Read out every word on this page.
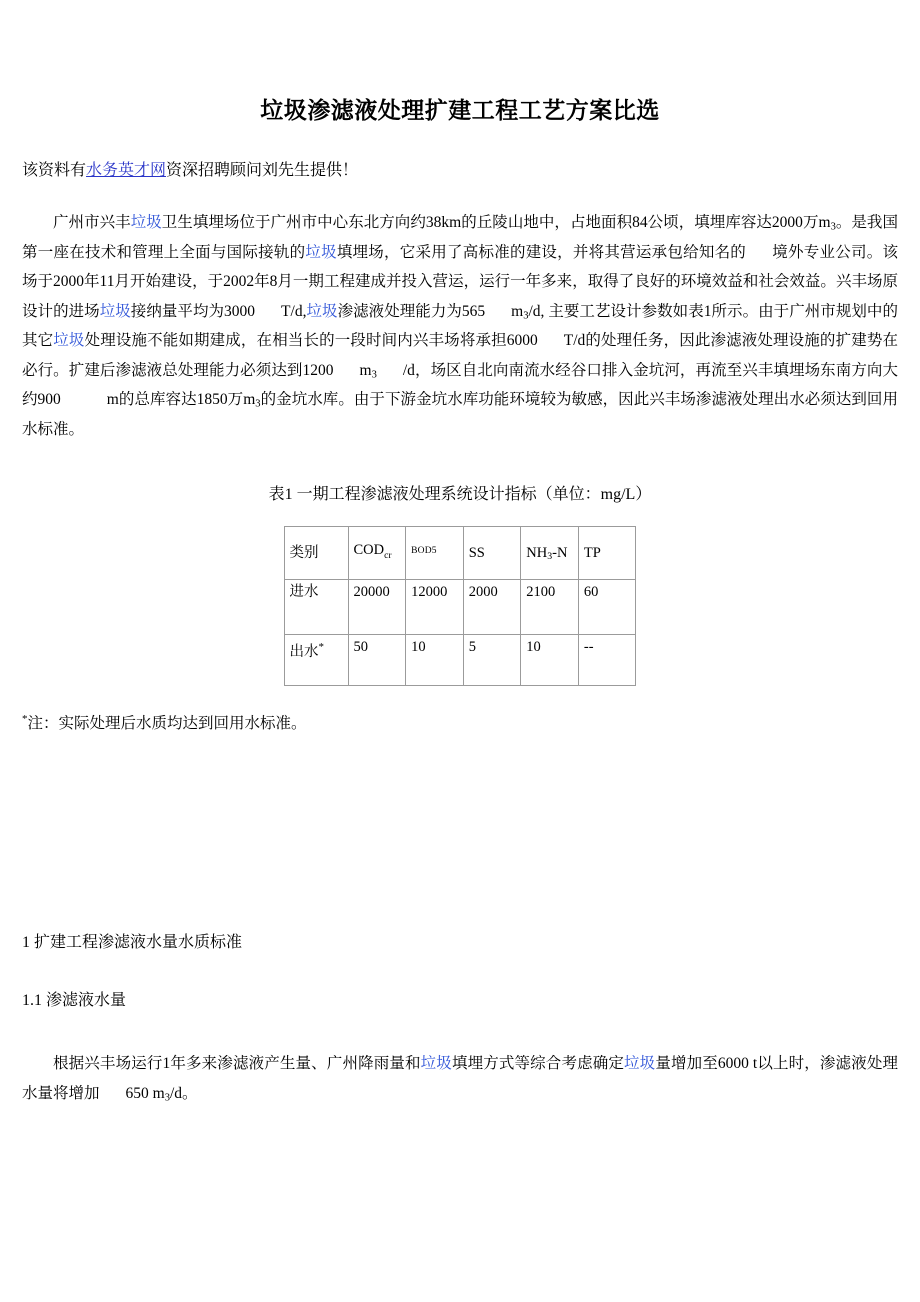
垃圾渗滤液处理扩建工程工艺方案比选

该资料有水务英才网资深招聘顾问刘先生提供！

广州市兴丰垃圾卫生填埋场位于广州市中心东北方向约38km的丘陵山地中，占地面积84公顷，填埋库容达2000万$m_3$。是我国第一座在技术和管理上全面与国际接轨的垃圾填埋场，它采用了高标准的建设，并将其营运承包给知名的 境外专业公司。该场于2000年11月开始建设，于2002年8月一期工程建成并投入营运，运行一年多来，取得了良好的环境效益和社会效益。兴丰场原设计的进场垃圾接纳量平均为3000 T/d,垃圾渗滤液处理能力为565 $m_3/d$, 主要工艺设计参数如表1所示。由于广州市规划中的其它垃圾处理设施不能如期建成，在相当长的一段时间内兴丰场将承担6000 T/d的处理任务，因此渗滤液处理设施的扩建势在必行。扩建后渗滤液总处理能力必须达到1200 $m_3$ /d，场区自北向南流水经谷口排入金坑河，再流至兴丰填埋场东南方向大约900	m的总库容达1850万$m_3$的金坑水库。由于下游金坑水库功能环境较为敏感，因此兴丰场渗滤液处理出水必须达到回用水标准。

表1 一期工程渗滤液处理系统设计指标（单位：mg/L）

类别	$COD_{cr}$	$^{BOD5}$	SS	$NH_3-N$	TP
进水	20000	12000	2000	2100	60
出水*	50	10	5	10	--

*注：实际处理后水质均达到回用水标准。

1 扩建工程渗滤液水量水质标准
1.1 渗滤液水量

根据兴丰场运行1年多来渗滤液产生量、广州降雨量和垃圾填埋方式等综合考虑确定垃圾量增加至6000 t以上时，渗滤液处理水量将增加 650 $m_3/d$。
